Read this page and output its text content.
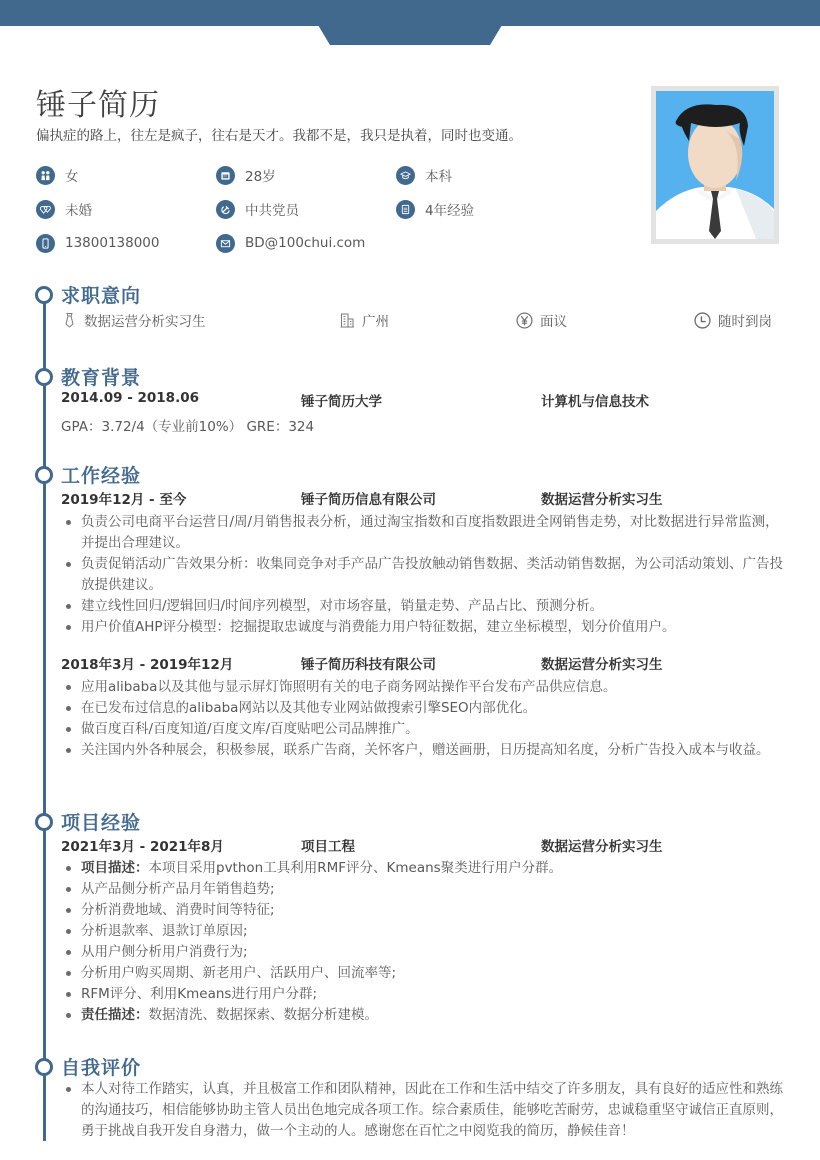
锤子简历
偏执症的路上，往左是疯子，往右是天才。我都不是，我只是执着，同时也变通。
女	28岁	本科
未婚	中共党员	4年经验
13800138000	BD@100chui.com
求职意向
数据运营分析实习生	广州	面议	随时到岗
教育背景
2014.09 - 2018.06	锤子简历大学	计算机与信息技术
GPA：3.72/4（专业前10%） GRE：324
工作经验
2019年12月 - 至今	锤子简历信息有限公司	数据运营分析实习生
负责公司电商平台运营日/周/月销售报表分析，通过淘宝指数和百度指数跟进全网销售走势，对比数据进行异常监测，并提出合理建议。
负责促销活动广告效果分析：收集同竞争对手产品广告投放触动销售数据、类活动销售数据，为公司活动策划、广告投放提供建议。
建立线性回归/逻辑回归/时间序列模型，对市场容量，销量走势、产品占比、预测分析。
用户价值AHP评分模型：挖掘提取忠诚度与消费能力用户特征数据，建立坐标模型，划分价值用户。
2018年3月 - 2019年12月	锤子简历科技有限公司	数据运营分析实习生
应用alibaba以及其他与显示屏灯饰照明有关的电子商务网站操作平台发布产品供应信息。
在已发布过信息的alibaba网站以及其他专业网站做搜索引擎SEO内部优化。
做百度百科/百度知道/百度文库/百度贴吧公司品牌推广。
关注国内外各种展会，积极参展，联系广告商，关怀客户，赠送画册，日历提高知名度，分析广告投入成本与收益。
项目经验
2021年3月 - 2021年8月	项目工程	数据运营分析实习生
项目描述：本项目采用pvthon工具利用RMF评分、Kmeans聚类进行用户分群。
从产品侧分析产品月年销售趋势;
分析消费地域、消费时间等特征;
分析退款率、退款订单原因;
从用户侧分析用户消费行为;
分析用户购买周期、新老用户、活跃用户、回流率等;
RFM评分、利用Kmeans进行用户分群;
责任描述：数据清洗、数据探索、数据分析建模。
自我评价
本人对待工作踏实，认真，并且极富工作和团队精神，因此在工作和生活中结交了许多朋友，具有良好的适应性和熟练的沟通技巧，相信能够协助主管人员出色地完成各项工作。综合素质佳，能够吃苦耐劳，忠诚稳重坚守诚信正直原则，勇于挑战自我开发自身潜力，做一个主动的人。感谢您在百忙之中阅览我的简历，静候佳音！
